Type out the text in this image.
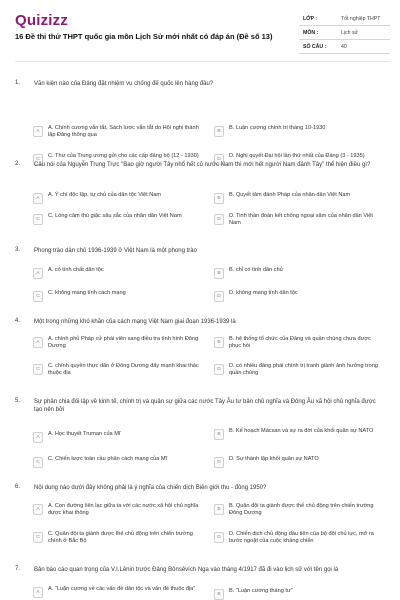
Quizizz
16 Đề thi thử THPT quốc gia môn Lịch Sử mới nhất có đáp án (Đề số 13)
LỚP :	Tốt nghiệp THPT
MÔN :	Lịch sử
SỐ CÂU :	40
1. Văn kiện nào của Đảng đặt nhiệm vụ chống đế quốc lên hàng đầu?
A
A. Chính cương vắn tắt, Sách lược vắn tắt do Hội nghị thành lập Đảng thông qua
B
B. Luận cương chính trị tháng 10-1930
C
C. Thư của Trung ương gửi cho các cấp đảng bộ (12 - 1930)
D
D. Nghị quyết Đại hội lần thứ nhất của Đảng (3 - 1935)
2. Câu nói của Nguyễn Trung Trực "Bao giờ người Tây nhổ hết cỏ nước Nam thì mới hết người Nam đánh Tây" thể hiện điều gì?
A
A. Ý chí độc lập, tự chủ của dân tộc Việt Nam
B
B. Quyết tâm đánh Pháp của nhân dân Việt Nam
C
C. Lòng căm thù giặc sâu sắc của nhân dân Việt Nam
D
D. Tinh thần đoàn kết chống ngoại xâm của nhân dân Việt Nam
3. Phong trào dân chủ 1936-1939 ở Việt Nam là một phong trào
A
A. có tính chất dân tộc
B
B. chỉ có tính dân chủ
C
C. không mang tính cách mạng
D
D. không mang tính dân tộc
4. Một trong những khó khăn của cách mạng Việt Nam giai đoạn 1936-1939 là
A
A. chính phủ Pháp cử phái viên sang điều tra tình hình Đông Dương
B
B. hệ thống tổ chức của Đảng và quần chúng chưa được phục hồi
C
C. chính quyền thực dân ở Đông Dương đẩy mạnh khai thác thuộc địa
D
D. có nhiều đảng phái chính trị tranh giành ảnh hưởng trong quần chúng
5. Sự phân chia đối lập về kinh tế, chính trị và quân sự giữa các nước Tây Âu tư bản chủ nghĩa và Đông Âu xã hội chủ nghĩa được tạo nên bởi
A
A. Học thuyết Truman của Mĩ	B
B. Kế hoạch Mácsan và sự ra đời của khối quân sự NATO
C
C. Chiến lược toàn cầu phản cách mạng của Mĩ
D
D. Sự thành lập khối quân sự NATO
6. Nội dung nào dưới đây không phải là ý nghĩa của chiến dịch Biên giới thu - đông 1950?
A
A. Con đường liên lạc giữa ta với các nước xã hội chủ nghĩa được khai thông
B
B. Quân đội ta giành được thế chủ động trên chiến trường Đông Dương
C
C. Quân đội ta giành được thế chủ động trên chiến trường chính ở Bắc Bộ
D
D. Chiến dịch chủ động đầu tiên của bộ đội chủ lực, mở ra bước ngoặt của cuộc kháng chiến
7. Bản báo cáo quan trọng của V.I.Lênin trước Đảng Bônsêvích Nga vào tháng 4/1917 đã đi vào lịch sử với tên gọi là
A
A. "Luận cương về các vấn đề dân tộc và vấn đề thuộc địa"
B
B. "Luận cương tháng tư"
